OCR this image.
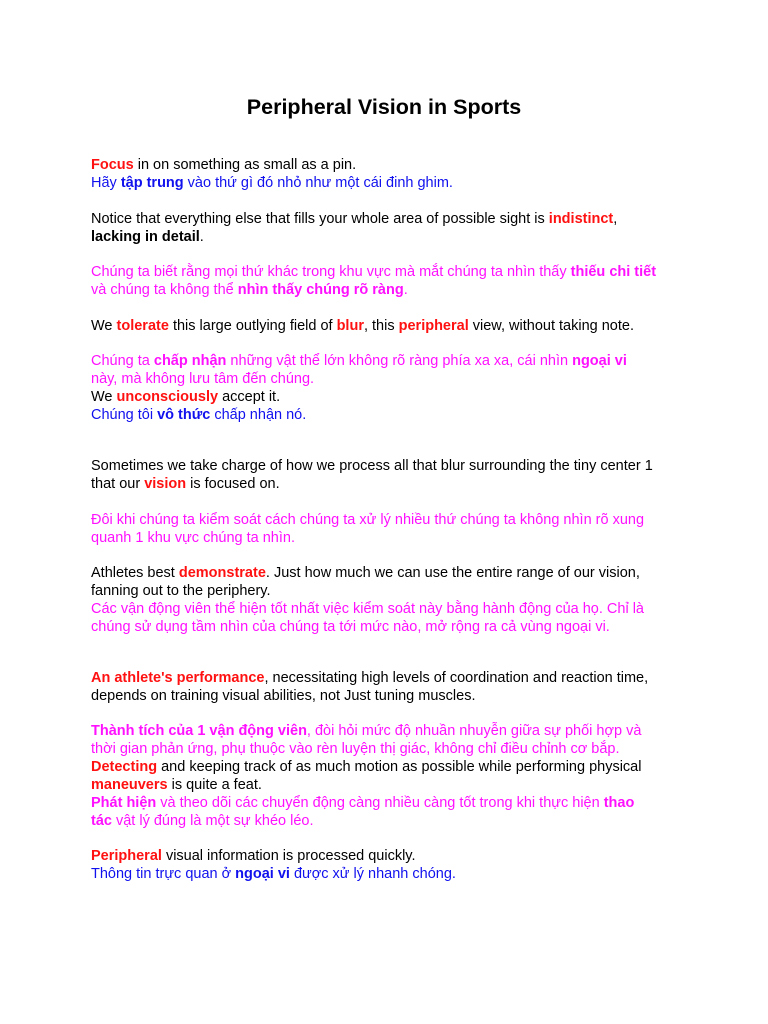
Peripheral Vision in Sports

Focus in on something as small as a pin.

Hãy tập trung vào thứ gì đó nhỏ như một cái đinh ghim.

Notice that everything else that fills your whole area of possible sight is indistinct,

lacking in detail.

Chúng ta biết rằng mọi thứ khác trong khu vực mà mắt chúng ta nhìn thấy thiếu chi tiết

và chúng ta không thể nhìn thấy chúng rõ ràng.

We tolerate this large outlying field of blur, this peripheral view, without taking note.

Chúng ta chấp nhận những vật thể lớn không rõ ràng phía xa xa, cái nhìn ngoại vi

này, mà không lưu tâm đến chúng.

We unconsciously accept it.

Chúng tôi vô thức chấp nhận nó.

Sometimes we take charge of how we process all that blur surrounding the tiny center 1

that our vision is focused on.

Đôi khi chúng ta kiểm soát cách chúng ta xử lý nhiều thứ chúng ta không nhìn rõ xung

quanh 1 khu vực chúng ta nhìn.

Athletes best demonstrate. Just how much we can use the entire range of our vision,

fanning out to the periphery.

Các vận động viên thể hiện tốt nhất việc kiểm soát này bằng hành động của họ. Chỉ là

chúng sử dụng tầm nhìn của chúng ta tới mức nào, mở rộng ra cả vùng ngoại vi.

An athlete's performance, necessitating high levels of coordination and reaction time,

depends on training visual abilities, not Just tuning muscles.

Thành tích của 1 vận động viên, đòi hỏi mức độ nhuần nhuyễn giữa sự phối hợp và

thời gian phản ứng, phụ thuộc vào rèn luyện thị giác, không chỉ điều chỉnh cơ bắp.

Detecting and keeping track of as much motion as possible while performing physical

maneuvers is quite a feat.

Phát hiện và theo dõi các chuyển động càng nhiều càng tốt trong khi thực hiện thao

tác vật lý đúng là một sự khéo léo.

Peripheral visual information is processed quickly.

Thông tin trực quan ở ngoại vi được xử lý nhanh chóng.
